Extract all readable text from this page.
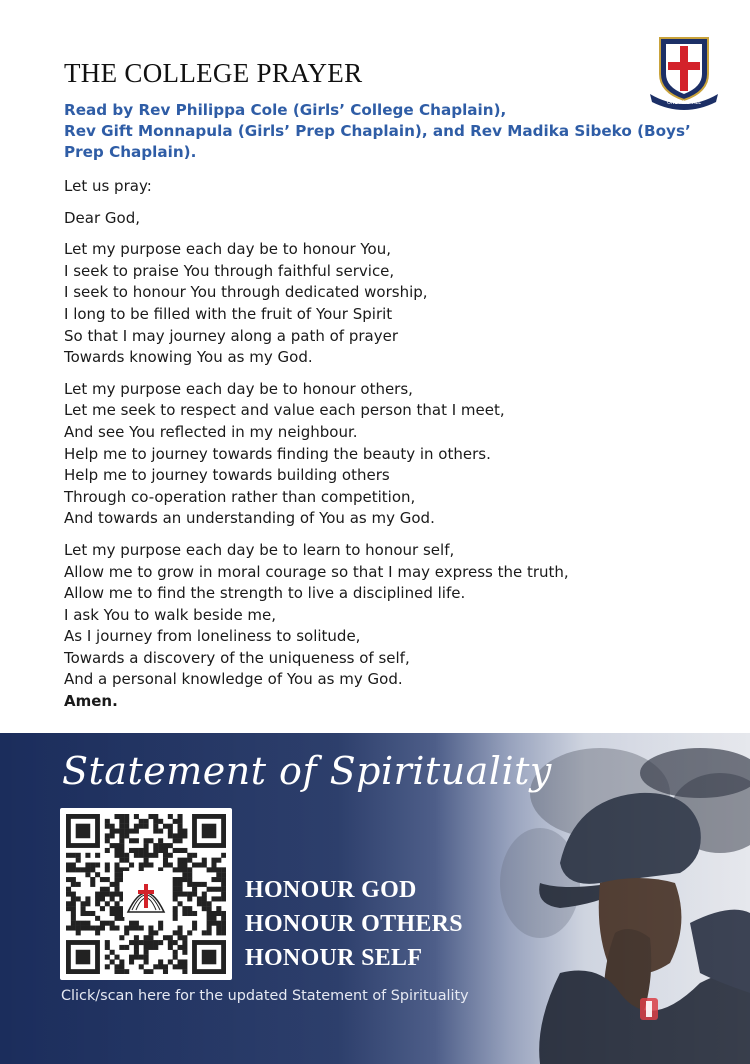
THE COLLEGE PRAYER
ONE AND ALL
Read by Rev Philippa Cole (Girls’ College Chaplain),
Rev Gift Monnapula (Girls’ Prep Chaplain), and Rev Madika Sibeko (Boys’
Prep Chaplain).

Let us pray:

Dear God,

Let my purpose each day be to honour You,
I seek to praise You through faithful service,
I seek to honour You through dedicated worship,
I long to be filled with the fruit of Your Spirit
So that I may journey along a path of prayer
Towards knowing You as my God.

Let my purpose each day be to honour others,
Let me seek to respect and value each person that I meet,
And see You reflected in my neighbour.
Help me to journey towards finding the beauty in others.
Help me to journey towards building others
Through co-operation rather than competition,
And towards an understanding of You as my God.

Let my purpose each day be to learn to honour self,
Allow me to grow in moral courage so that I may express the truth,
Allow me to find the strength to live a disciplined life.
I ask You to walk beside me,
As I journey from loneliness to solitude,
Towards a discovery of the uniqueness of self,
And a personal knowledge of You as my God.
Amen.

Statement of Spirituality
HONOUR GOD
HONOUR OTHERS
HONOUR SELF
Click/scan here for the updated Statement of Spirituality
